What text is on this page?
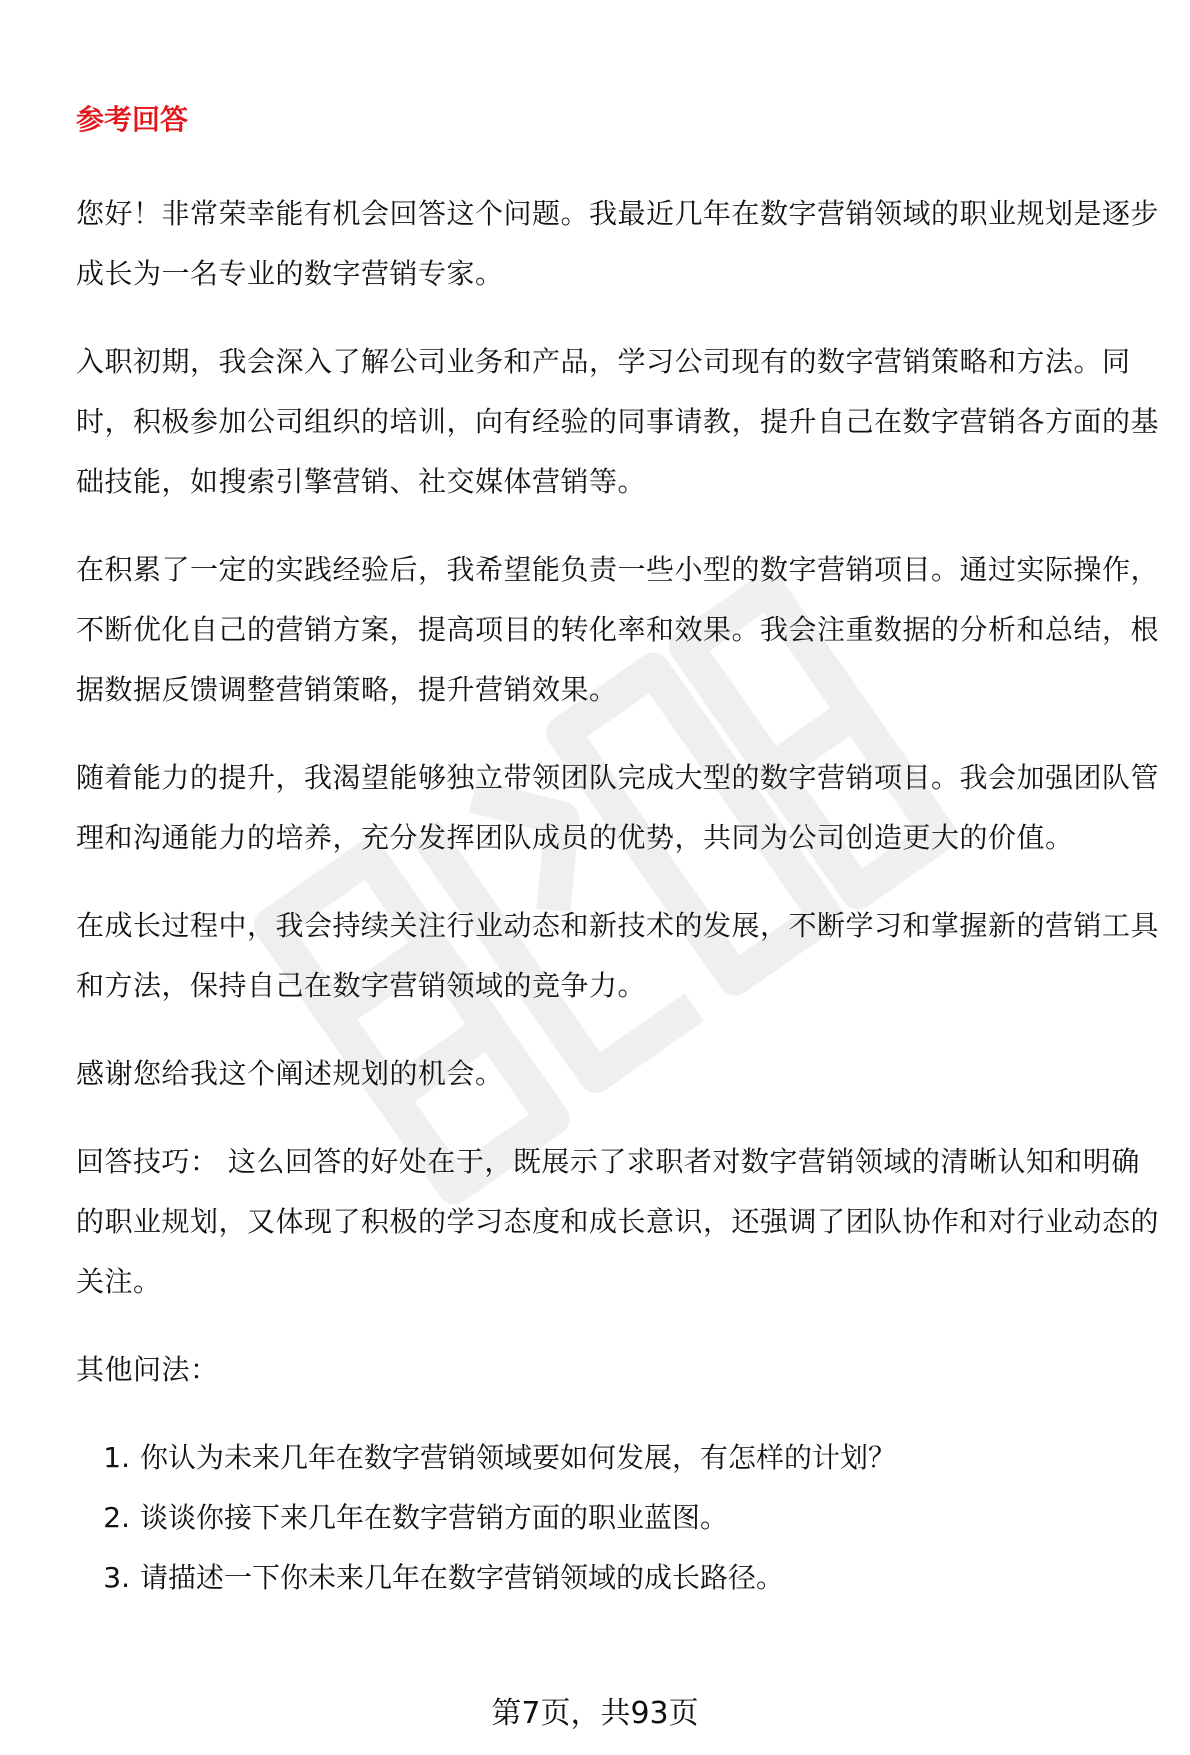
参考回答
您好！非常荣幸能有机会回答这个问题。我最近几年在数字营销领域的职业规划是逐步成长为一名专业的数字营销专家。
入职初期，我会深入了解公司业务和产品，学习公司现有的数字营销策略和方法。同时，积极参加公司组织的培训，向有经验的同事请教，提升自己在数字营销各方面的基础技能，如搜索引擎营销、社交媒体营销等。
在积累了一定的实践经验后，我希望能负责一些小型的数字营销项目。通过实际操作，不断优化自己的营销方案，提高项目的转化率和效果。我会注重数据的分析和总结，根据数据反馈调整营销策略，提升营销效果。
随着能力的提升，我渴望能够独立带领团队完成大型的数字营销项目。我会加强团队管理和沟通能力的培养，充分发挥团队成员的优势，共同为公司创造更大的价值。
在成长过程中，我会持续关注行业动态和新技术的发展，不断学习和掌握新的营销工具和方法，保持自己在数字营销领域的竞争力。
感谢您给我这个阐述规划的机会。
回答技巧： 这么回答的好处在于，既展示了求职者对数字营销领域的清晰认知和明确的职业规划，又体现了积极的学习态度和成长意识，还强调了团队协作和对行业动态的关注。
其他问法：
1. 你认为未来几年在数字营销领域要如何发展，有怎样的计划？
2. 谈谈你接下来几年在数字营销方面的职业蓝图。
3. 请描述一下你未来几年在数字营销领域的成长路径。
第7页，共93页
